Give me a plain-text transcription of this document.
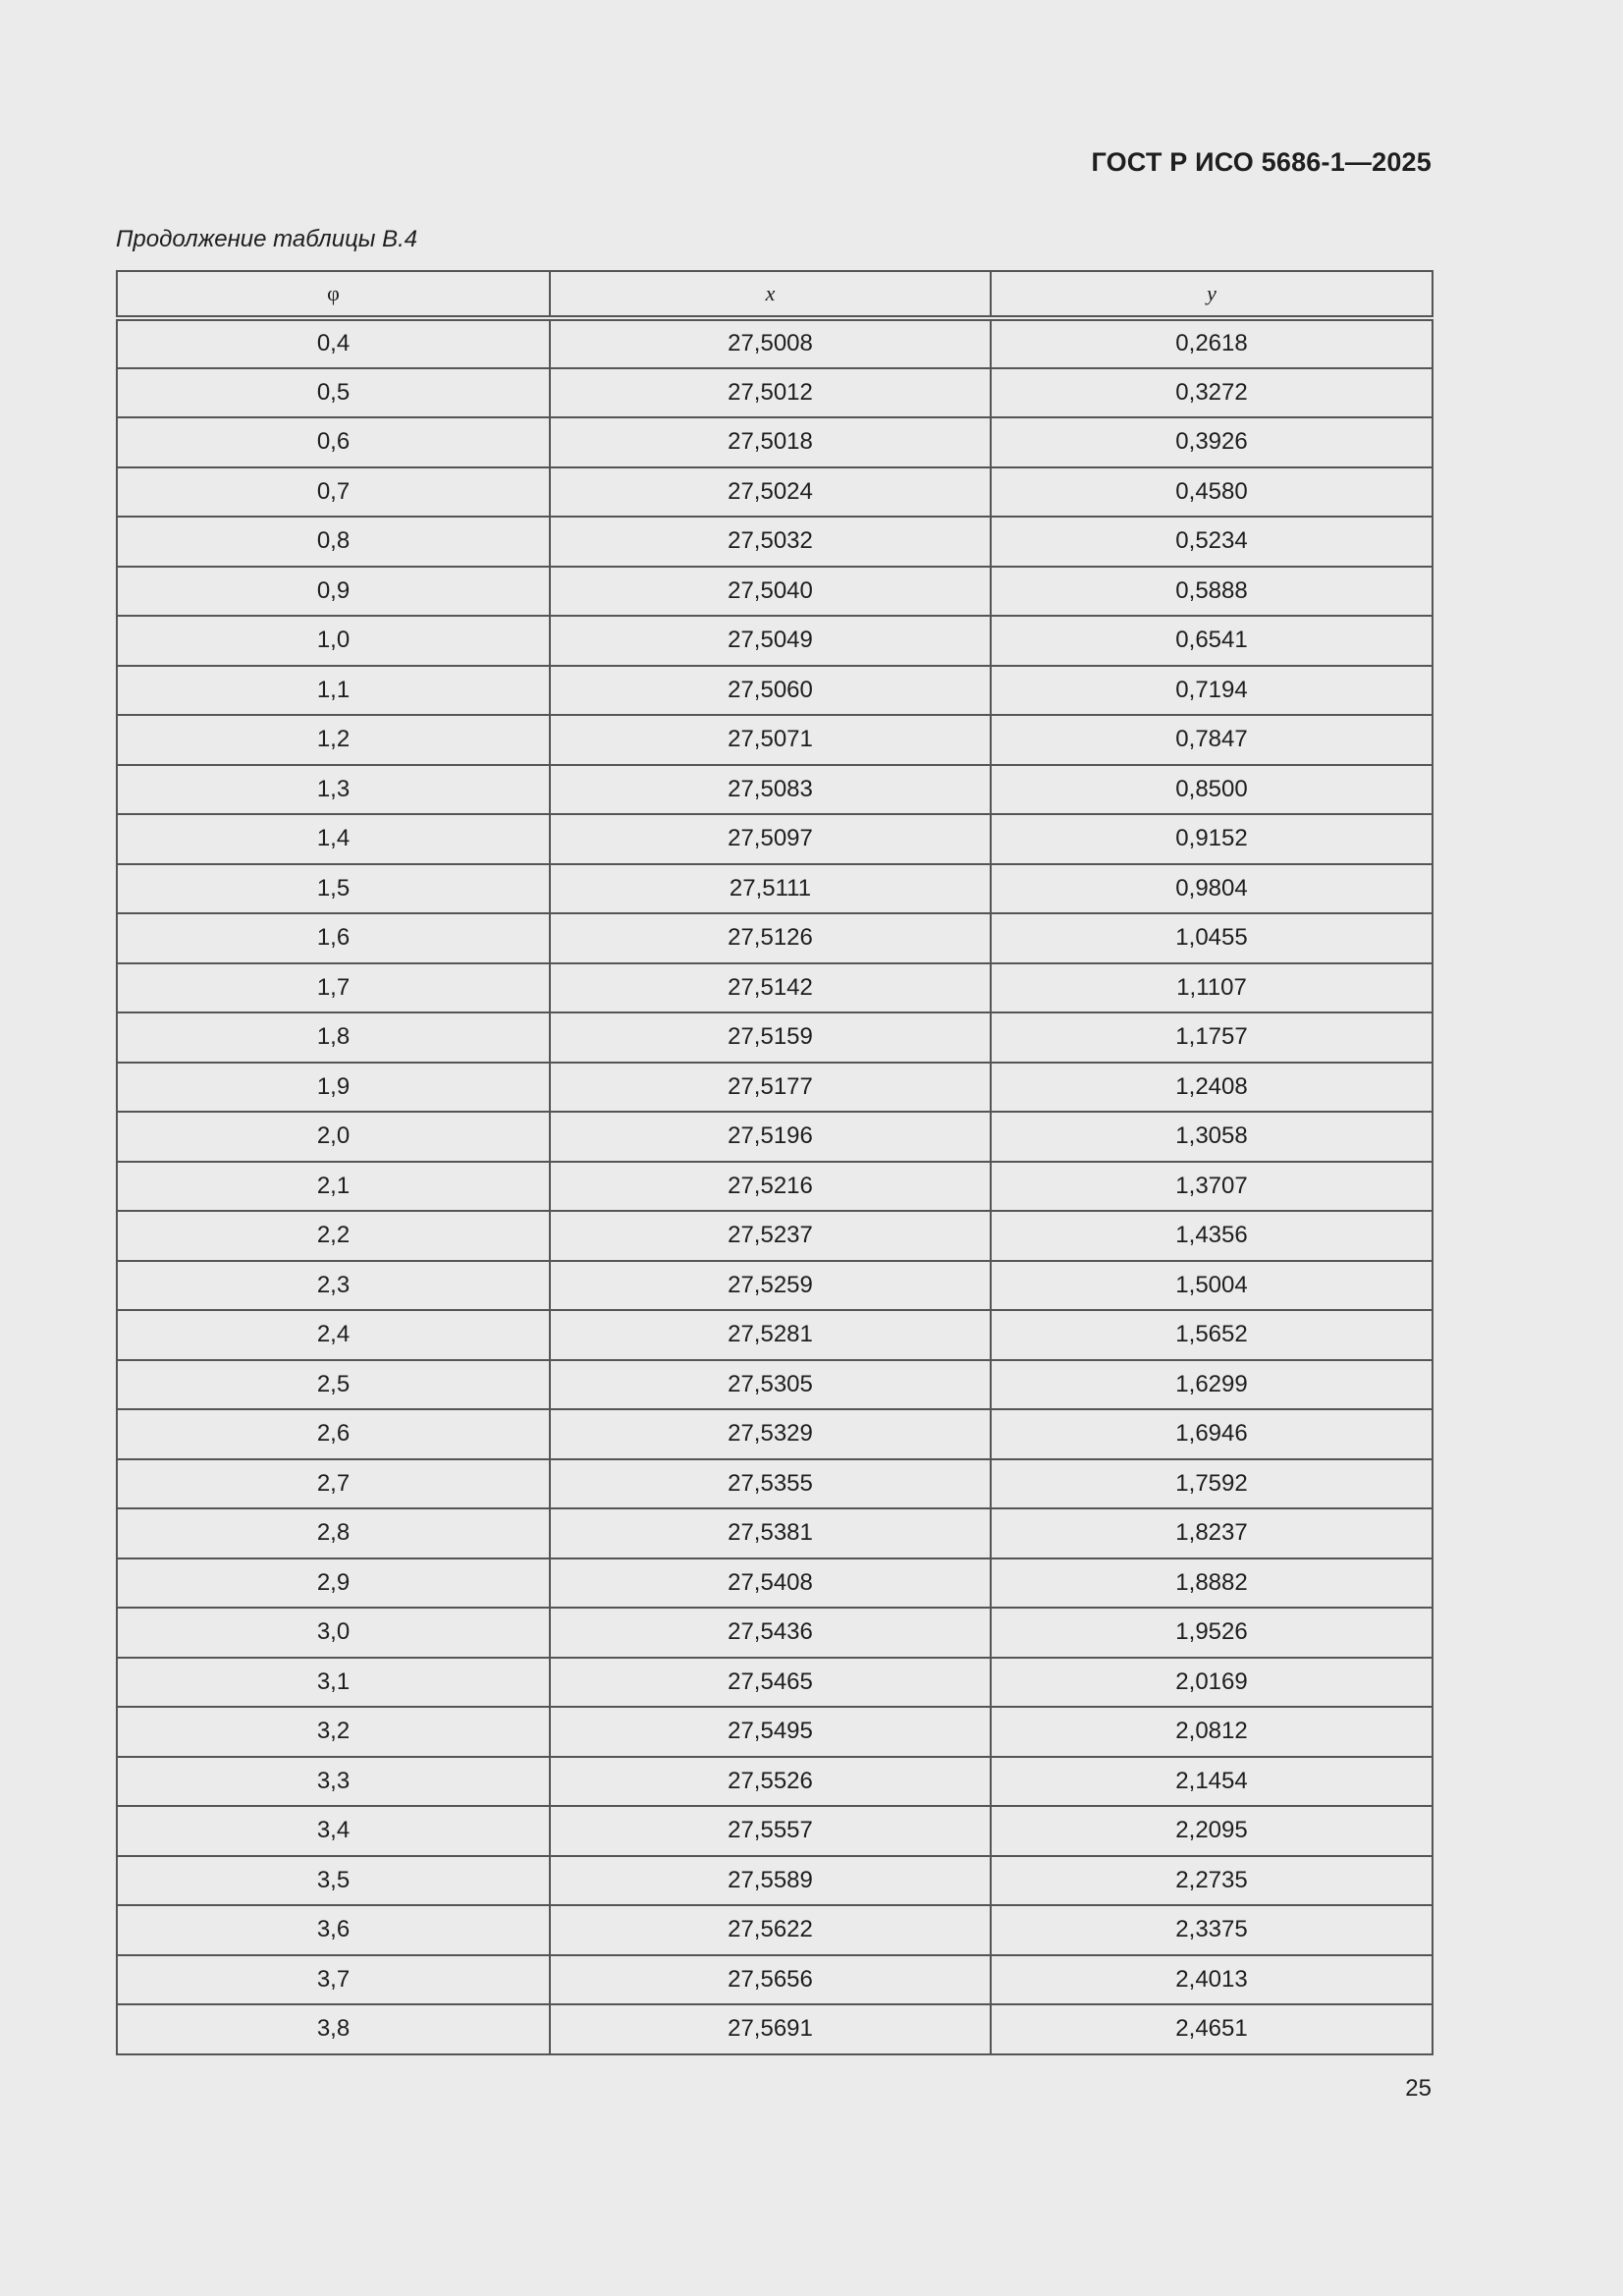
ГОСТ Р ИСО 5686-1—2025
Продолжение таблицы В.4
φ	x	y
0,4	27,5008	0,2618
0,5	27,5012	0,3272
0,6	27,5018	0,3926
0,7	27,5024	0,4580
0,8	27,5032	0,5234
0,9	27,5040	0,5888
1,0	27,5049	0,6541
1,1	27,5060	0,7194
1,2	27,5071	0,7847
1,3	27,5083	0,8500
1,4	27,5097	0,9152
1,5	27,5111	0,9804
1,6	27,5126	1,0455
1,7	27,5142	1,1107
1,8	27,5159	1,1757
1,9	27,5177	1,2408
2,0	27,5196	1,3058
2,1	27,5216	1,3707
2,2	27,5237	1,4356
2,3	27,5259	1,5004
2,4	27,5281	1,5652
2,5	27,5305	1,6299
2,6	27,5329	1,6946
2,7	27,5355	1,7592
2,8	27,5381	1,8237
2,9	27,5408	1,8882
3,0	27,5436	1,9526
3,1	27,5465	2,0169
3,2	27,5495	2,0812
3,3	27,5526	2,1454
3,4	27,5557	2,2095
3,5	27,5589	2,2735
3,6	27,5622	2,3375
3,7	27,5656	2,4013
3,8	27,5691	2,4651
25
